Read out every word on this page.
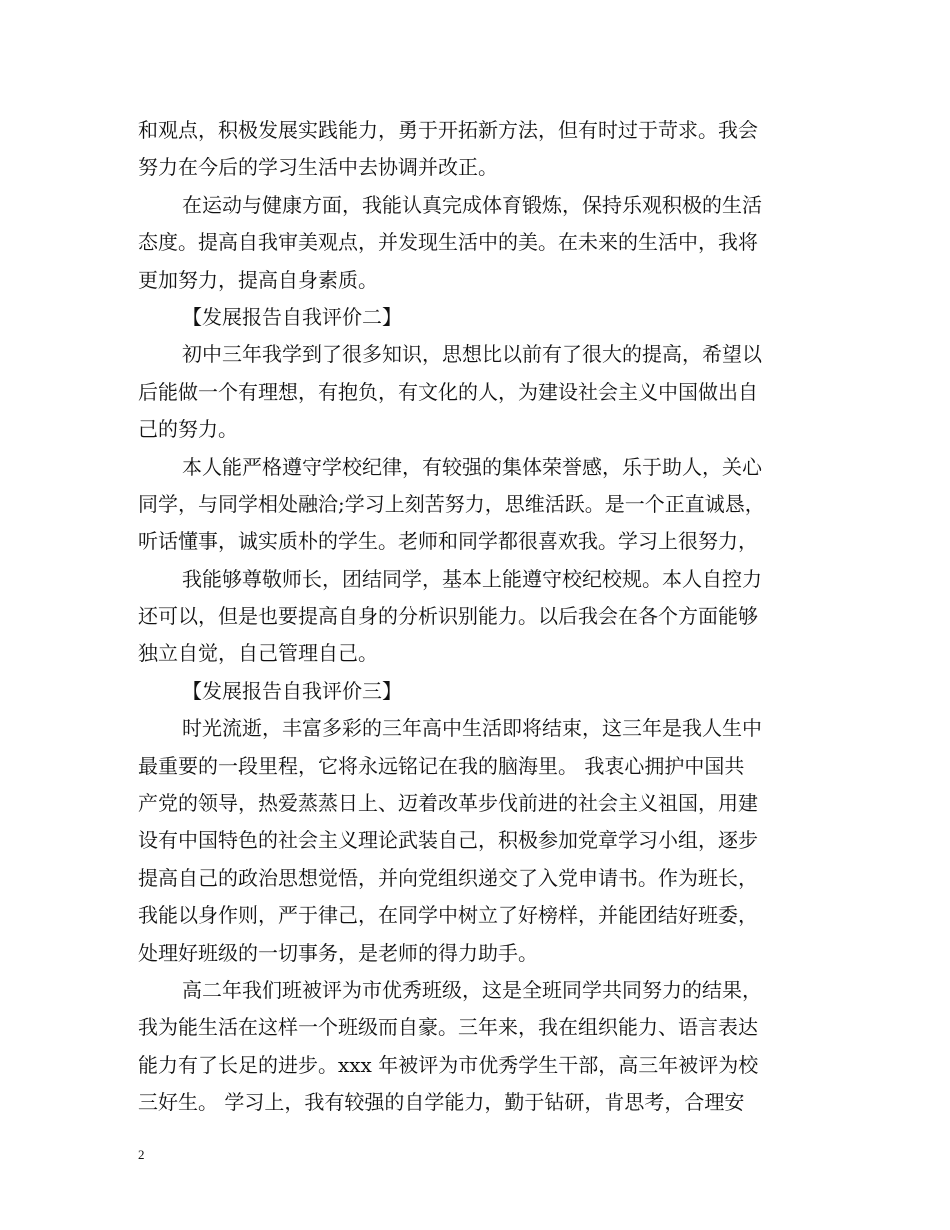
和观点，积极发展实践能力，勇于开拓新方法，但有时过于苛求。我会
努力在今后的学习生活中去协调并改正。
在运动与健康方面，我能认真完成体育锻炼，保持乐观积极的生活
态度。提高自我审美观点，并发现生活中的美。在未来的生活中，我将
更加努力，提高自身素质。
【发展报告自我评价二】
初中三年我学到了很多知识，思想比以前有了很大的提高，希望以
后能做一个有理想，有抱负，有文化的人，为建设社会主义中国做出自
己的努力。
本人能严格遵守学校纪律，有较强的集体荣誉感，乐于助人，关心
同学，与同学相处融洽;学习上刻苦努力，思维活跃。是一个正直诚恳，
听话懂事，诚实质朴的学生。老师和同学都很喜欢我。学习上很努力，
我能够尊敬师长，团结同学，基本上能遵守校纪校规。本人自控力
还可以，但是也要提高自身的分析识别能力。以后我会在各个方面能够
独立自觉，自己管理自己。
【发展报告自我评价三】
时光流逝，丰富多彩的三年高中生活即将结束，这三年是我人生中
最重要的一段里程，它将永远铭记在我的脑海里。 我衷心拥护中国共
产党的领导，热爱蒸蒸日上、迈着改革步伐前进的社会主义祖国，用建
设有中国特色的社会主义理论武装自己，积极参加党章学习小组，逐步
提高自己的政治思想觉悟，并向党组织递交了入党申请书。作为班长，
我能以身作则，严于律己，在同学中树立了好榜样，并能团结好班委，
处理好班级的一切事务，是老师的得力助手。
高二年我们班被评为市优秀班级，这是全班同学共同努力的结果，
我为能生活在这样一个班级而自豪。三年来，我在组织能力、语言表达
能力有了长足的进步。xxx 年被评为市优秀学生干部，高三年被评为校
三好生。 学习上，我有较强的自学能力，勤于钻研，肯思考，合理安
2
